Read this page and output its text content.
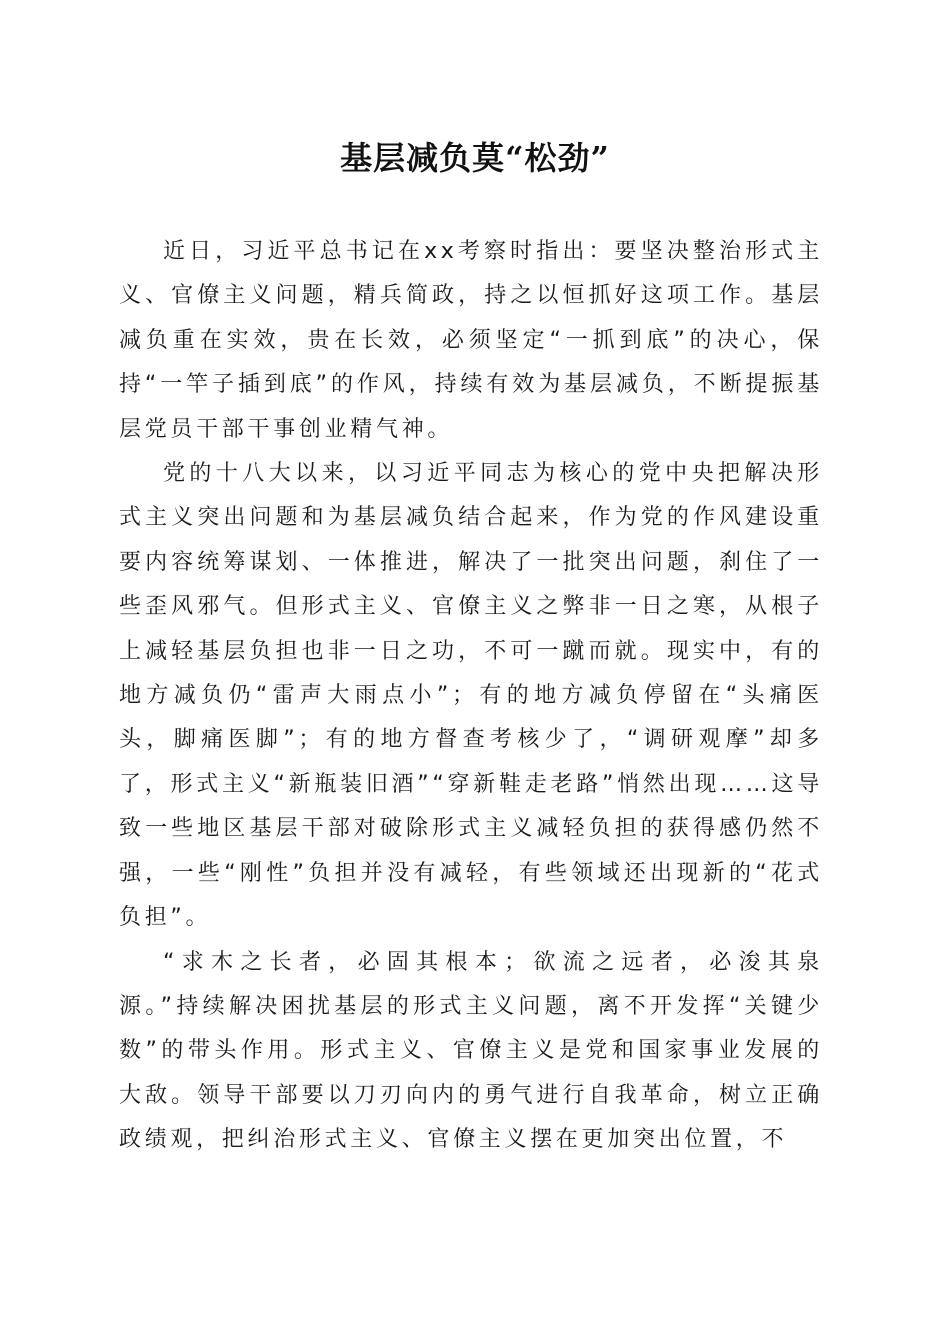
基层减负莫“松劲”

近日，习近平总书记在xx考察时指出：要坚决整治形式主义、官僚主义问题，精兵简政，持之以恒抓好这项工作。基层减负重在实效，贵在长效，必须坚定“一抓到底”的决心，保持“一竿子插到底”的作风，持续有效为基层减负，不断提振基层党员干部干事创业精气神。

党的十八大以来，以习近平同志为核心的党中央把解决形式主义突出问题和为基层减负结合起来，作为党的作风建设重要内容统筹谋划、一体推进，解决了一批突出问题，刹住了一些歪风邪气。但形式主义、官僚主义之弊非一日之寒，从根子上减轻基层负担也非一日之功，不可一蹴而就。现实中，有的地方减负仍“雷声大雨点小”；有的地方减负停留在“头痛医头，脚痛医脚”；有的地方督查考核少了，“调研观摩”却多了，形式主义“新瓶装旧酒”“穿新鞋走老路”悄然出现……这导致一些地区基层干部对破除形式主义减轻负担的获得感仍然不强，一些“刚性”负担并没有减轻，有些领域还出现新的“花式负担”。

“求木之长者，必固其根本；欲流之远者，必浚其泉源。”持续解决困扰基层的形式主义问题，离不开发挥“关键少数”的带头作用。形式主义、官僚主义是党和国家事业发展的大敌。领导干部要以刀刃向内的勇气进行自我革命，树立正确政绩观，把纠治形式主义、官僚主义摆在更加突出位置，不
